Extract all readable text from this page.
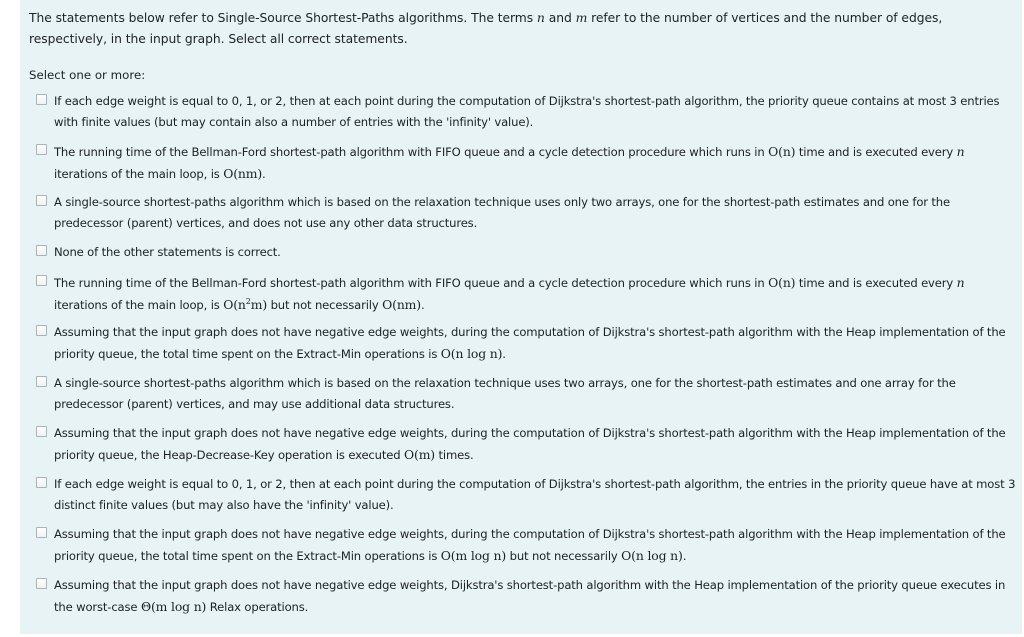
The statements below refer to Single-Source Shortest-Paths algorithms. The terms n and m refer to the number of vertices and the number of edges, respectively, in the input graph. Select all correct statements.
Select one or more:
If each edge weight is equal to 0, 1, or 2, then at each point during the computation of Dijkstra's shortest-path algorithm, the priority queue contains at most 3 entries with finite values (but may contain also a number of entries with the 'infinity' value).
The running time of the Bellman-Ford shortest-path algorithm with FIFO queue and a cycle detection procedure which runs in O(n) time and is executed every n iterations of the main loop, is O(nm).
A single-source shortest-paths algorithm which is based on the relaxation technique uses only two arrays, one for the shortest-path estimates and one for the predecessor (parent) vertices, and does not use any other data structures.
None of the other statements is correct.
The running time of the Bellman-Ford shortest-path algorithm with FIFO queue and a cycle detection procedure which runs in O(n) time and is executed every n iterations of the main loop, is $O(n^2m)$ but not necessarily O(nm).
Assuming that the input graph does not have negative edge weights, during the computation of Dijkstra's shortest-path algorithm with the Heap implementation of the priority queue, the total time spent on the Extract-Min operations is O(n log n).
A single-source shortest-paths algorithm which is based on the relaxation technique uses two arrays, one for the shortest-path estimates and one array for the predecessor (parent) vertices, and may use additional data structures.
Assuming that the input graph does not have negative edge weights, during the computation of Dijkstra's shortest-path algorithm with the Heap implementation of the priority queue, the Heap-Decrease-Key operation is executed O(m) times.
If each edge weight is equal to 0, 1, or 2, then at each point during the computation of Dijkstra's shortest-path algorithm, the entries in the priority queue have at most 3 distinct finite values (but may also have the 'infinity' value).
Assuming that the input graph does not have negative edge weights, during the computation of Dijkstra's shortest-path algorithm with the Heap implementation of the priority queue, the total time spent on the Extract-Min operations is O(m log n) but not necessarily O(n log n).
Assuming that the input graph does not have negative edge weights, Dijkstra's shortest-path algorithm with the Heap implementation of the priority queue executes in the worst-case Θ(m log n) Relax operations.
